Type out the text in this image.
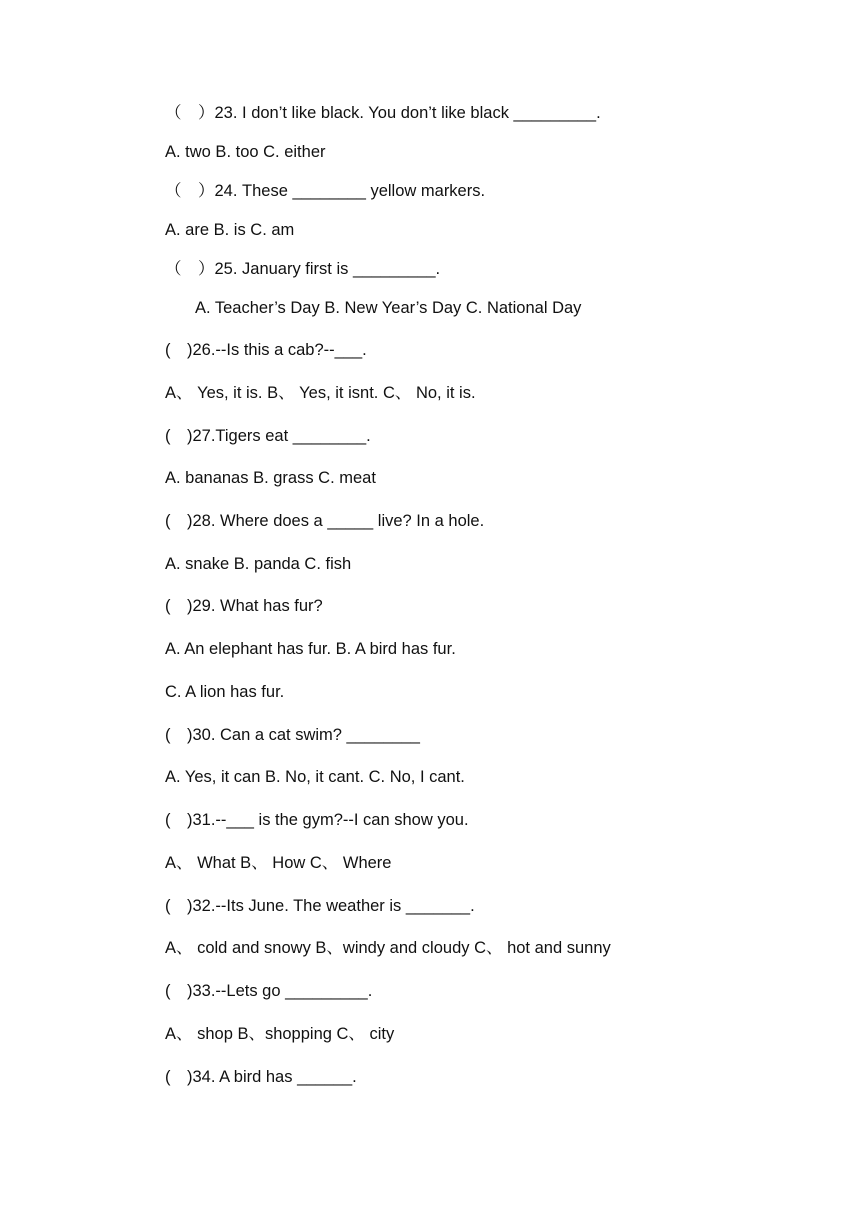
（　）23. I don’t like black. You don’t like black _________.
A. two B. too C. either
（　）24. These ________ yellow markers.
A. are B. is C. am
（　）25. January first is _________.
A. Teacher’s Day B. New Year’s Day C. National Day
(　)26.--Is this a cab?--___.
A、 Yes, it is. B、 Yes, it isnt. C、 No, it is.
(　)27.Tigers eat ________.
A. bananas B. grass C. meat
(　)28. Where does a _____ live? In a hole.
A. snake B. panda C. fish
(　)29. What has fur?
A. An elephant has fur. B. A bird has fur.
C. A lion has fur.
(　)30. Can a cat swim? ________
A. Yes, it can B. No, it cant. C. No, I cant.
(　)31.--___ is the gym?--I can show you.
A、 What B、 How C、 Where
(　)32.--Its June. The weather is _______.
A、 cold and snowy B、windy and cloudy C、 hot and sunny
(　)33.--Lets go _________.
A、 shop B、shopping C、 city
(　)34. A bird has ______.
